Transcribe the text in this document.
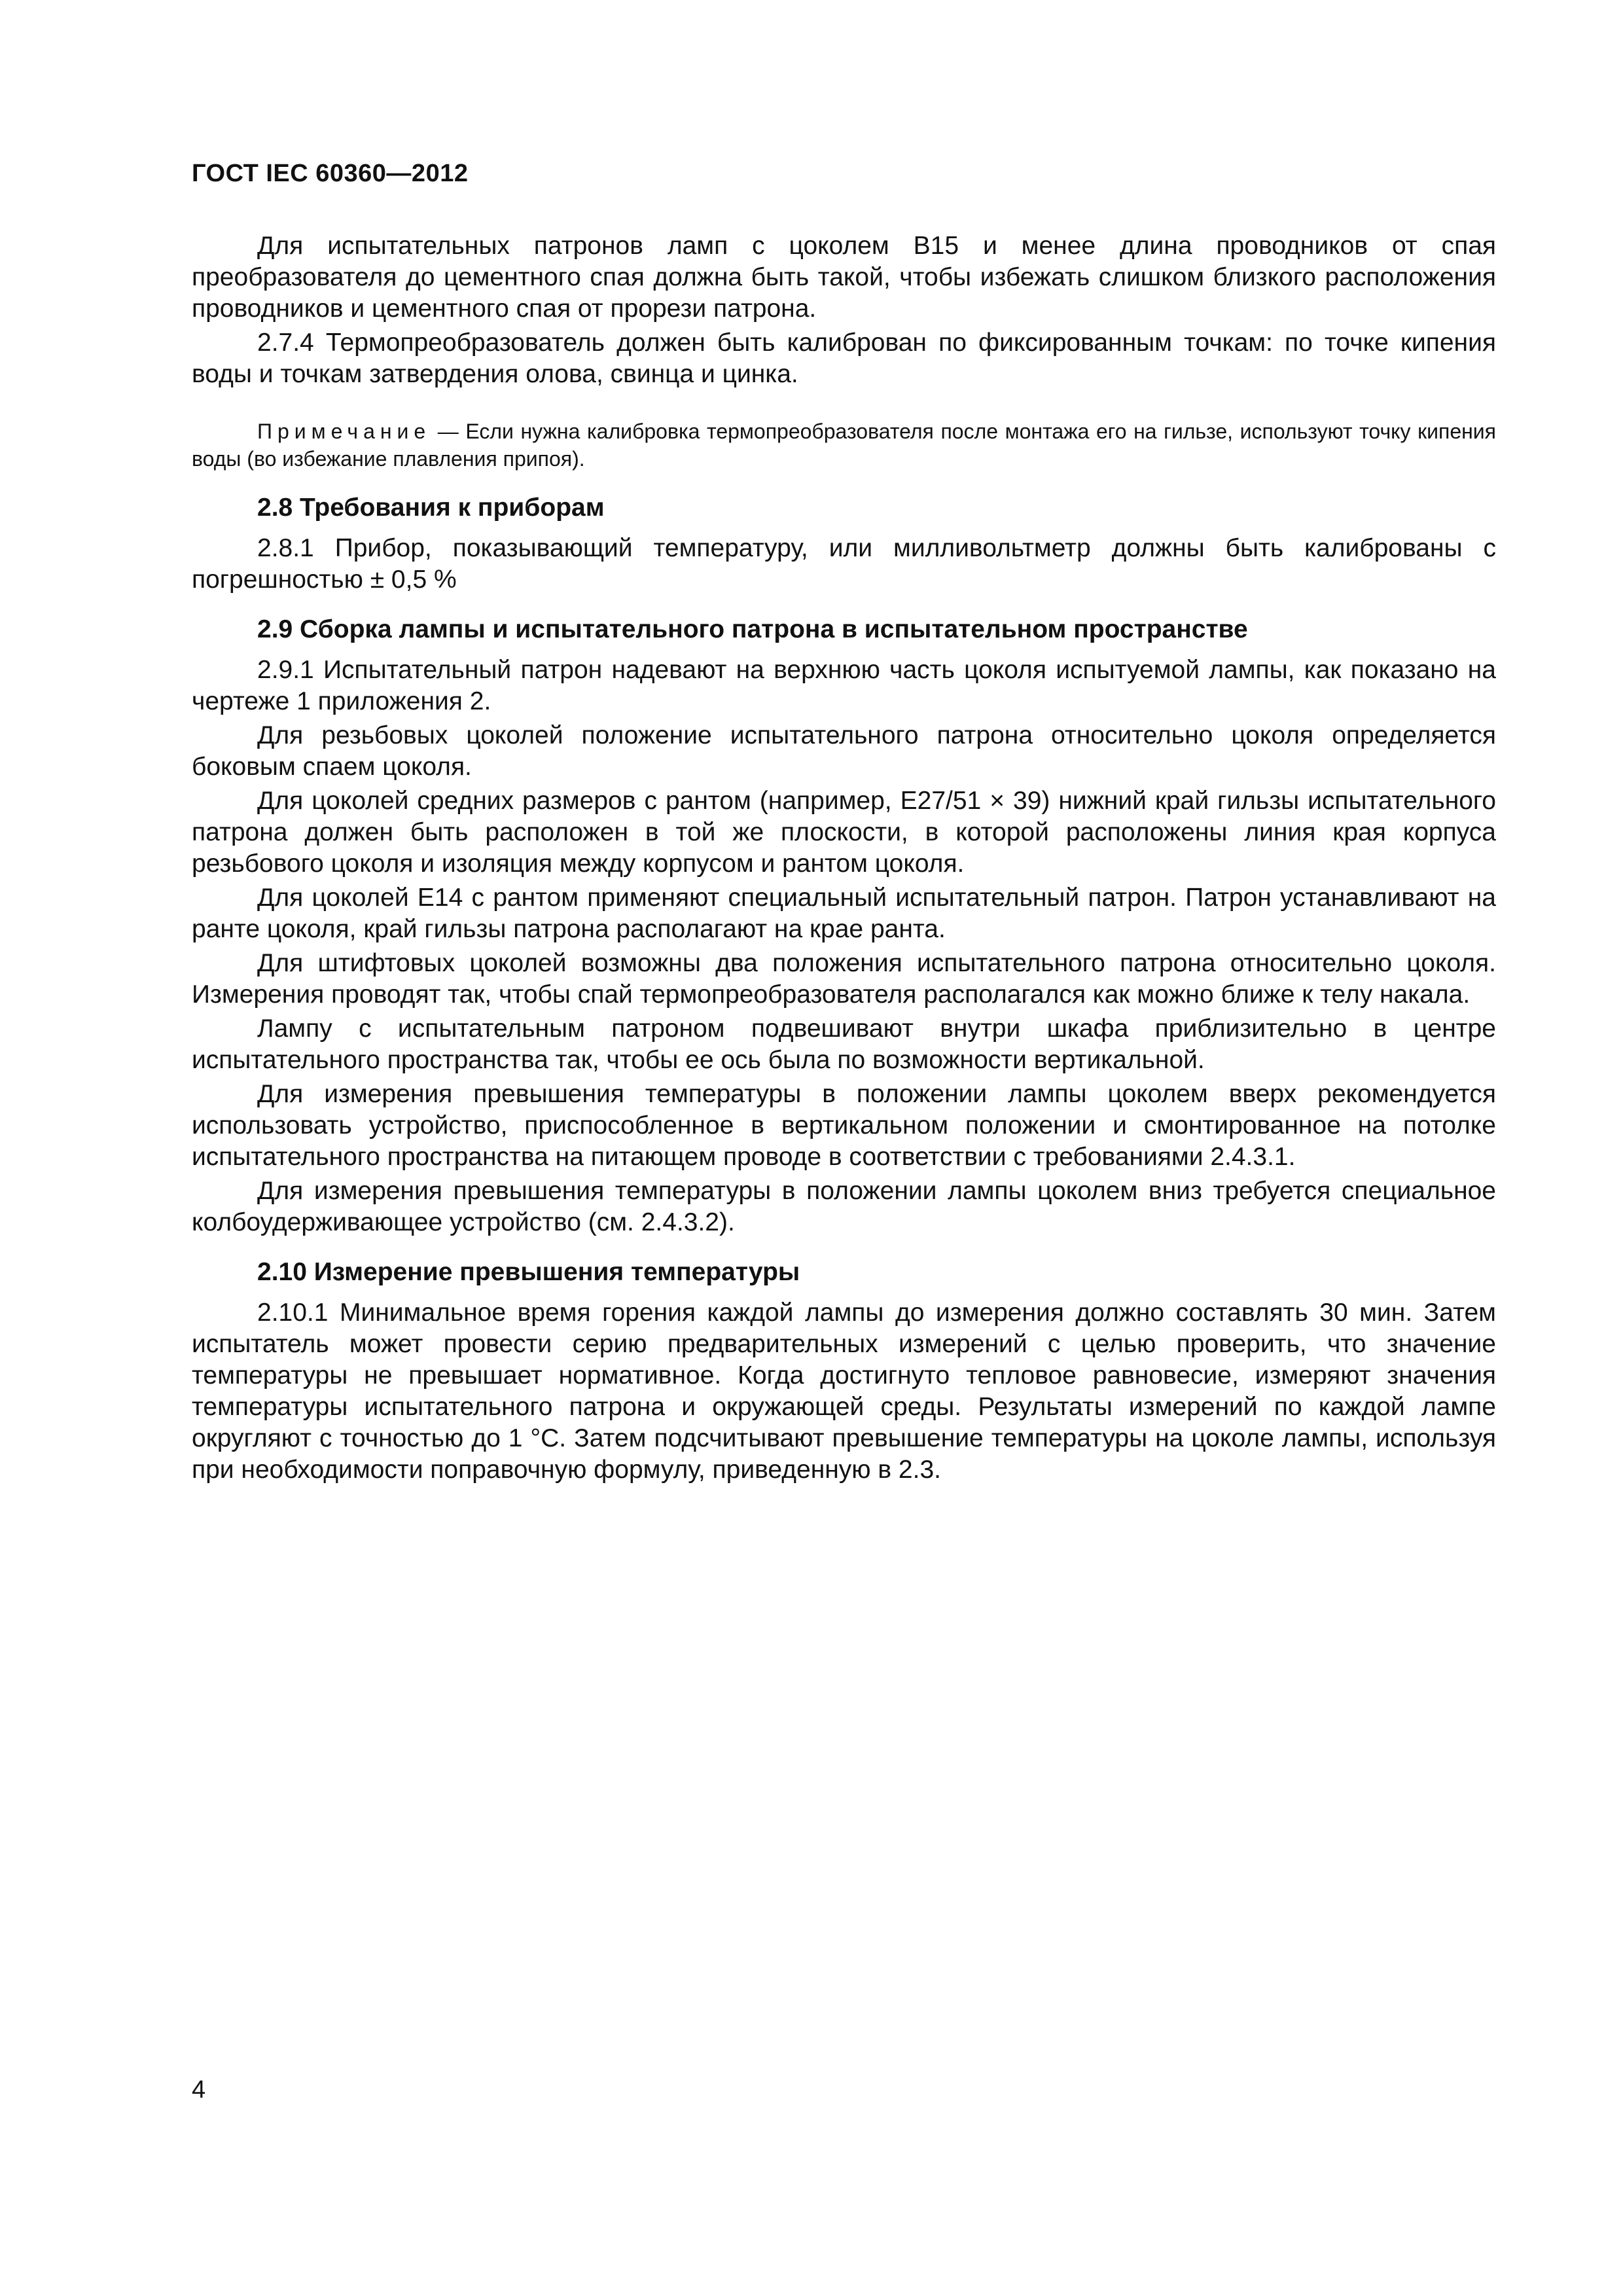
ГОСТ IEC 60360—2012

Для испытательных патронов ламп с цоколем B15 и менее длина проводников от спая преобразователя до цементного спая должна быть такой, чтобы избежать слишком близкого расположения проводников и цементного спая от прорези патрона.

2.7.4 Термопреобразователь должен быть калиброван по фиксированным точкам: по точке кипения воды и точкам затвердения олова, свинца и цинка.

Примечание — Если нужна калибровка термопреобразователя после монтажа его на гильзе, используют точку кипения воды (во избежание плавления припоя).

2.8 Требования к приборам

2.8.1 Прибор, показывающий температуру, или милливольтметр должны быть калиброваны с погрешностью ± 0,5 %

2.9 Сборка лампы и испытательного патрона в испытательном пространстве

2.9.1 Испытательный патрон надевают на верхнюю часть цоколя испытуемой лампы, как показано на чертеже 1 приложения 2.

Для резьбовых цоколей положение испытательного патрона относительно цоколя определяется боковым спаем цоколя.

Для цоколей средних размеров с рантом (например, E27/51 × 39) нижний край гильзы испытательного патрона должен быть расположен в той же плоскости, в которой расположены линия края корпуса резьбового цоколя и изоляция между корпусом и рантом цоколя.

Для цоколей E14 с рантом применяют специальный испытательный патрон. Патрон устанавливают на ранте цоколя, край гильзы патрона располагают на крае ранта.

Для штифтовых цоколей возможны два положения испытательного патрона относительно цоколя. Измерения проводят так, чтобы спай термопреобразователя располагался как можно ближе к телу накала.

Лампу с испытательным патроном подвешивают внутри шкафа приблизительно в центре испытательного пространства так, чтобы ее ось была по возможности вертикальной.

Для измерения превышения температуры в положении лампы цоколем вверх рекомендуется использовать устройство, приспособленное в вертикальном положении и смонтированное на потолке испытательного пространства на питающем проводе в соответствии с требованиями 2.4.3.1.

Для измерения превышения температуры в положении лампы цоколем вниз требуется специальное колбоудерживающее устройство (см. 2.4.3.2).

2.10 Измерение превышения температуры

2.10.1 Минимальное время горения каждой лампы до измерения должно составлять 30 мин. Затем испытатель может провести серию предварительных измерений с целью проверить, что значение температуры не превышает нормативное. Когда достигнуто тепловое равновесие, измеряют значения температуры испытательного патрона и окружающей среды. Результаты измерений по каждой лампе округляют с точностью до 1 °С. Затем подсчитывают превышение температуры на цоколе лампы, используя при необходимости поправочную формулу, приведенную в 2.3.

4
